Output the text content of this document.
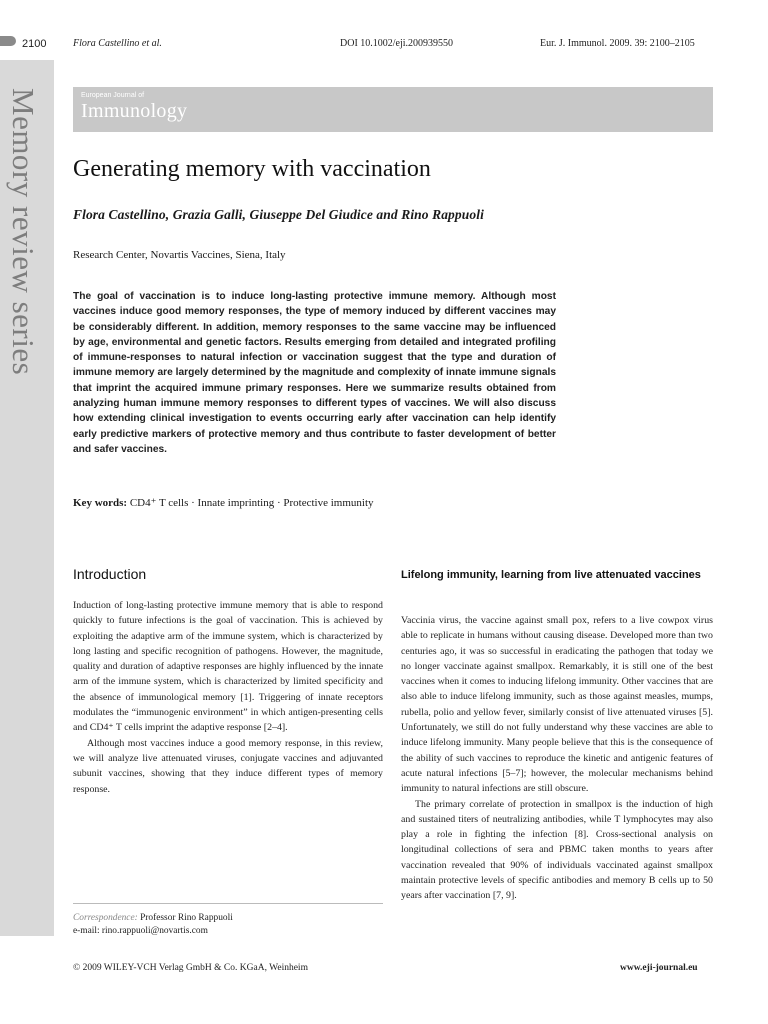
2100	Flora Castellino et al.	DOI 10.1002/eji.200939550	Eur. J. Immunol. 2009. 39: 2100–2105
Memory review series	European Journal of
Immunology
Generating memory with vaccination
Flora Castellino, Grazia Galli, Giuseppe Del Giudice and Rino Rappuoli
Research Center, Novartis Vaccines, Siena, Italy
The goal of vaccination is to induce long-lasting protective immune memory. Although most vaccines induce good memory responses, the type of memory induced by different vaccines may be considerably different. In addition, memory responses to the same vaccine may be influenced by age, environmental and genetic factors. Results emerging from detailed and integrated profiling of immune-responses to natural infection or vaccination suggest that the type and duration of immune memory are largely determined by the magnitude and complexity of innate immune signals that imprint the acquired immune primary responses. Here we summarize results obtained from analyzing human immune memory responses to different types of vaccines. We will also discuss how extending clinical investigation to events occurring early after vaccination can help identify early predictive markers of protective memory and thus contribute to faster development of better and safer vaccines.
Key words: CD4⁺ T cells · Innate imprinting · Protective immunity
Introduction

Induction of long-lasting protective immune memory that is able to respond quickly to future infections is the goal of vaccination. This is achieved by exploiting the adaptive arm of the immune system, which is characterized by long lasting and specific recognition of pathogens. However, the magnitude, quality and duration of adaptive responses are highly influenced by the innate arm of the immune system, which is characterized by limited specificity and the absence of immunological memory [1]. Triggering of innate receptors modulates the “immunogenic environment” in which antigen-presenting cells and CD4⁺ T cells imprint the adaptive response [2–4].

Although most vaccines induce a good memory response, in this review, we will analyze live attenuated viruses, conjugate vaccines and adjuvanted subunit vaccines, showing that they induce different types of memory response.

Lifelong immunity, learning from live attenuated vaccines

Vaccinia virus, the vaccine against small pox, refers to a live cowpox virus able to replicate in humans without causing disease. Developed more than two centuries ago, it was so successful in eradicating the pathogen that today we no longer vaccinate against smallpox. Remarkably, it is still one of the best vaccines when it comes to inducing lifelong immunity. Other vaccines that are also able to induce lifelong immunity, such as those against measles, mumps, rubella, polio and yellow fever, similarly consist of live attenuated viruses [5]. Unfortunately, we still do not fully understand why these vaccines are able to induce lifelong immunity. Many people believe that this is the consequence of the ability of such vaccines to reproduce the kinetic and antigenic features of acute natural infections [5–7]; however, the molecular mechanisms behind immunity to natural infections are still obscure.

The primary correlate of protection in smallpox is the induction of high and sustained titers of neutralizing antibodies, while T lymphocytes may also play a role in fighting the infection [8]. Cross-sectional analysis on longitudinal collections of sera and PBMC taken months to years after vaccination revealed that 90% of individuals vaccinated against smallpox maintain protective levels of specific antibodies and memory B cells up to 50 years after vaccination [7, 9].

Correspondence: Professor Rino Rappuoli
e-mail: rino.rappuoli@novartis.com
© 2009 WILEY-VCH Verlag GmbH & Co. KGaA, Weinheim	www.eji-journal.eu
